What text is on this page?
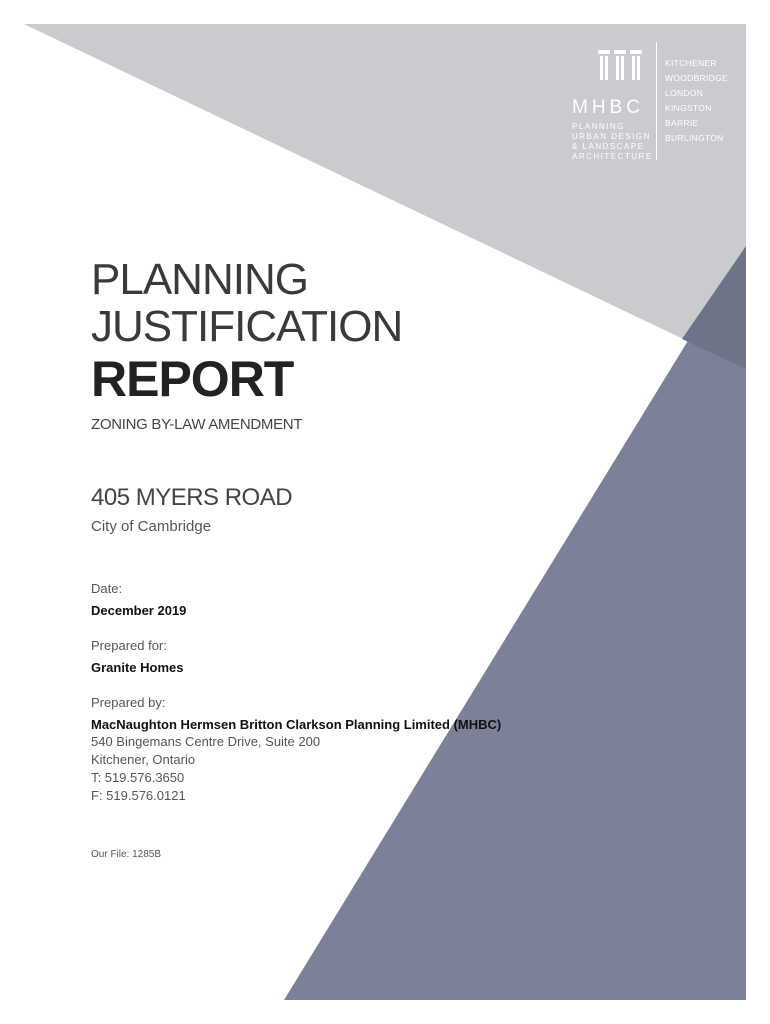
MHBC
PLANNING
URBAN DESIGN
& LANDSCAPE
ARCHITECTURE
KITCHENER
WOODBRIDGE
LONDON
KINGSTON
BARRIE
BURLINGTON
PLANNING
JUSTIFICATION
REPORT
ZONING BY-LAW AMENDMENT
405 MYERS ROAD
City of Cambridge
Date:
December 2019
Prepared for:
Granite Homes
Prepared by:
MacNaughton Hermsen Britton Clarkson Planning Limited (MHBC)
540 Bingemans Centre Drive, Suite 200
Kitchener, Ontario
T: 519.576.3650
F: 519.576.0121
Our File: 1285B
